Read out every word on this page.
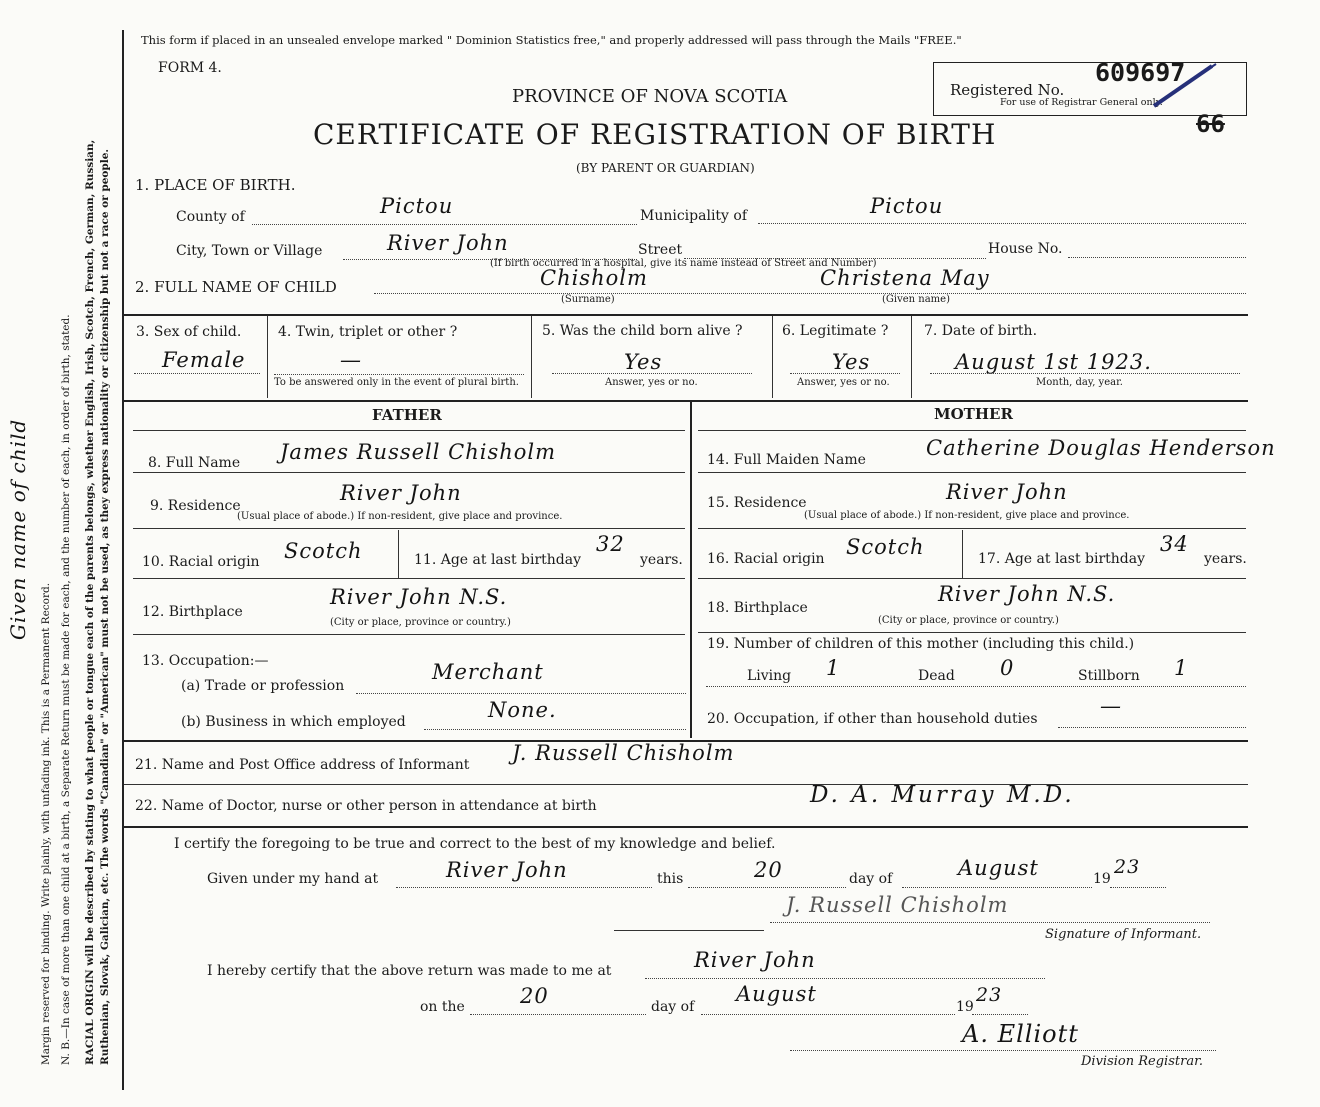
Margin reserved for binding. Write plainly, with unfading ink. This is a Permanent Record. N. B.—In case of more than one child at a birth, a Separate Return must be made for each, and the number of each, in order of birth, stated. RACIAL ORIGIN will be described by stating to what people or tongue each of the parents belongs, whether English, Irish, Scotch, French, German, Russian, Ruthenian, Slovak, Galician, etc. The words "Canadian" or "American" must not be used, as they express nationality or citizenship but not a race or people.
Given name of child
This form if placed in an unsealed envelope marked " Dominion Statistics free," and properly addressed will pass through the Mails "FREE."
FORM 4.
PROVINCE OF NOVA SCOTIA
CERTIFICATE OF REGISTRATION OF BIRTH
(BY PARENT OR GUARDIAN)
Registered No.
For use of Registrar General only.
609697
66
1. PLACE OF BIRTH.
County of	Pictou	Municipality of	Pictou
City, Town or Village	River John	Street
(If birth occurred in a hospital, give its name instead of Street and Number)
House No.
2. FULL NAME OF CHILD	Chisholm
(Surname)
Christena May
(Given name)
3. Sex of child.
Female
4. Twin, triplet or other ?
—
To be answered only in the event of plural birth.
5. Was the child born alive ?
Yes
Answer, yes or no.
6. Legitimate ?
Yes
Answer, yes or no.
7. Date of birth.
August 1st 1923.
Month, day, year.
FATHER	MOTHER
8. Full Name James Russell Chisholm
9. Residence
River John
(Usual place of abode.) If non-resident, give place and province.
10. Racial origin Scotch	11. Age at last birthday
32
years.
12. Birthplace
River John N.S.
(City or place, province or country.)
13. Occupation:—
(a) Trade or profession
Merchant
(b) Business in which employed	None.
14. Full Maiden Name	Catherine Douglas Henderson
15. Residence	River John
(Usual place of abode.) If non-resident, give place and province.
16. Racial origin Scotch	17. Age at last birthday
34
years.
18. Birthplace
River John N.S.
(City or place, province or country.)
19. Number of children of this mother (including this child.)
Living 1	Dead 0	Stillborn 1
20. Occupation, if other than household duties
—
21. Name and Post Office address of Informant J. Russell Chisholm
22. Name of Doctor, nurse or other person in attendance at birth	D. A. Murray M.D.
I certify the foregoing to be true and correct to the best of my knowledge and belief.
Given under my hand at	River John	this	20	day of	August	19
23
J. Russell Chisholm
Signature of Informant.
I hereby certify that the above return was made to me at	River John
on the	20	day of
August
19
23
A. Elliott
Division Registrar.
